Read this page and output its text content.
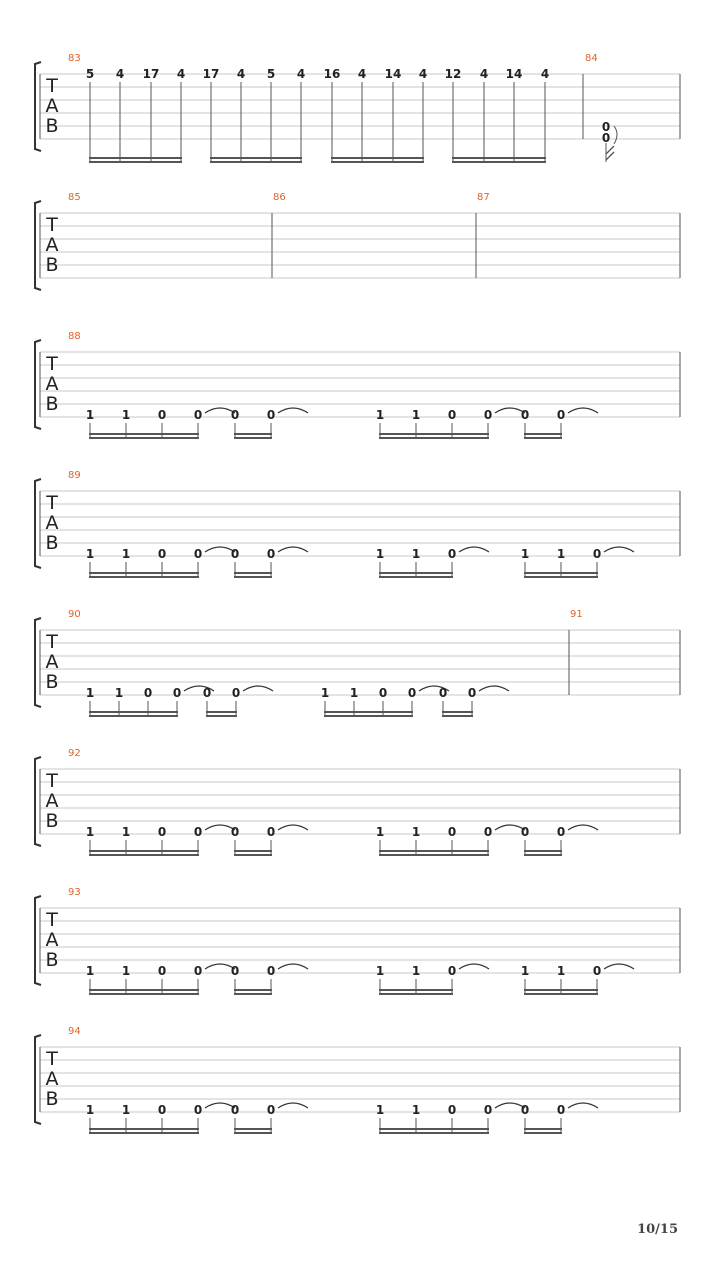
T
A
B
83	84
5 4 17 4 17 4 5 4 16 4 14 4 12 4 14 4
0
0
T
A
B
85	86	87
T
A
B
88
1 1 0 0 0 0	1 1 0 0 0 0
T
A
B
89
1 1 0 0 0 0	1 1 0	1 1 0
T
A
B
90	91
1 1 0 0 0 0	1 1 0 0 0 0
T
A
B
92
1 1 0 0 0 0	1 1 0 0 0 0
T
A
B
93
1 1 0 0 0 0	1 1 0	1 1 0
T
A
B
94
1 1 0 0 0 0	1 1 0 0 0 0
10/15
